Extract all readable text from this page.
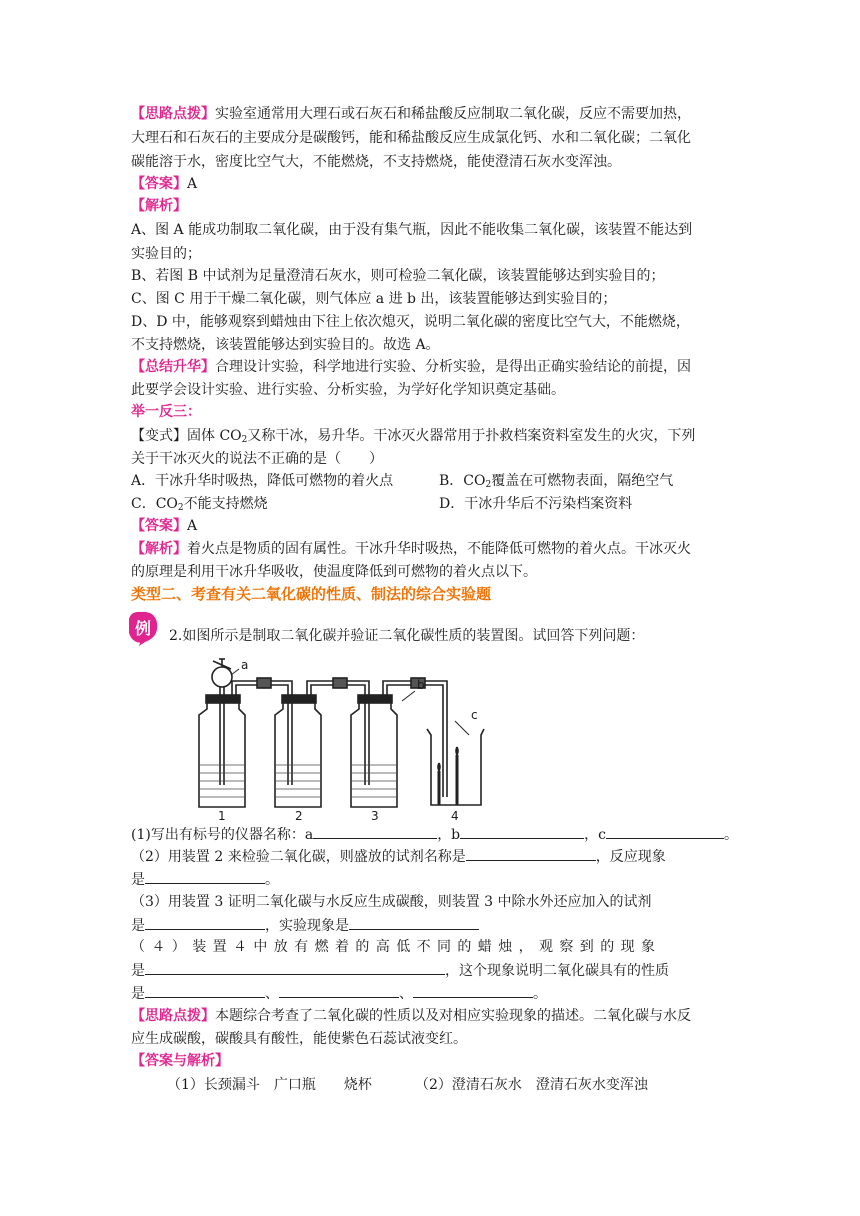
【思路点拨】实验室通常用大理石或石灰石和稀盐酸反应制取二氧化碳，反应不需要加热，
大理石和石灰石的主要成分是碳酸钙，能和稀盐酸反应生成氯化钙、水和二氧化碳；二氧化
碳能溶于水，密度比空气大，不能燃烧，不支持燃烧，能使澄清石灰水变浑浊。
【答案】A
【解析】
A、图 A 能成功制取二氧化碳，由于没有集气瓶，因此不能收集二氧化碳，该装置不能达到
实验目的；
B、若图 B 中试剂为足量澄清石灰水，则可检验二氧化碳，该装置能够达到实验目的；
C、图 C 用于干燥二氧化碳，则气体应 a 进 b 出，该装置能够达到实验目的；
D、D 中，能够观察到蜡烛由下往上依次熄灭，说明二氧化碳的密度比空气大，不能燃烧，
不支持燃烧，该装置能够达到实验目的。故选 A。
【总结升华】合理设计实验，科学地进行实验、分析实验，是得出正确实验结论的前提，因
此要学会设计实验、进行实验、分析实验，为学好化学知识奠定基础。
举一反三：
【变式】固体 $CO_2$又称干冰，易升华。干冰灭火器常用于扑救档案资料室发生的火灾，下列
关于干冰灭火的说法不正确的是（　　）
A．干冰升华时吸热，降低可燃物的着火点	B．$CO_2$覆盖在可燃物表面，隔绝空气
C．$CO_2$不能支持燃烧	D．干冰升华后不污染档案资料
【答案】A
【解析】着火点是物质的固有属性。干冰升华时吸热，不能降低可燃物的着火点。干冰灭火
的原理是利用干冰升华吸收，使温度降低到可燃物的着火点以下。
类型二、考查有关二氧化碳的性质、制法的综合实验题
例 2.如图所示是制取二氧化碳并验证二氧化碳性质的装置图。试回答下列问题：
(1)写出有标号的仪器名称：a	，b	，c	。
（2）用装置 2 来检验二氧化碳，则盛放的试剂名称是	，反应现象
是	。
（3）用装置 3 证明二氧化碳与水反应生成碳酸，则装置 3 中除水外还应加入的试剂
是	，实验现象是
（４）装置４中放有燃着的高低不同的蜡烛，观察到的现象
是	，这个现象说明二氧化碳具有的性质
是	、	、	。
【思路点拨】本题综合考查了二氧化碳的性质以及对相应实验现象的描述。二氧化碳与水反
应生成碳酸，碳酸具有酸性，能使紫色石蕊试液变红。
【答案与解析】
（1）长颈漏斗　广口瓶　　烧杯	（2）澄清石灰水　澄清石灰水变浑浊
a
b
c
1	2	3	4
